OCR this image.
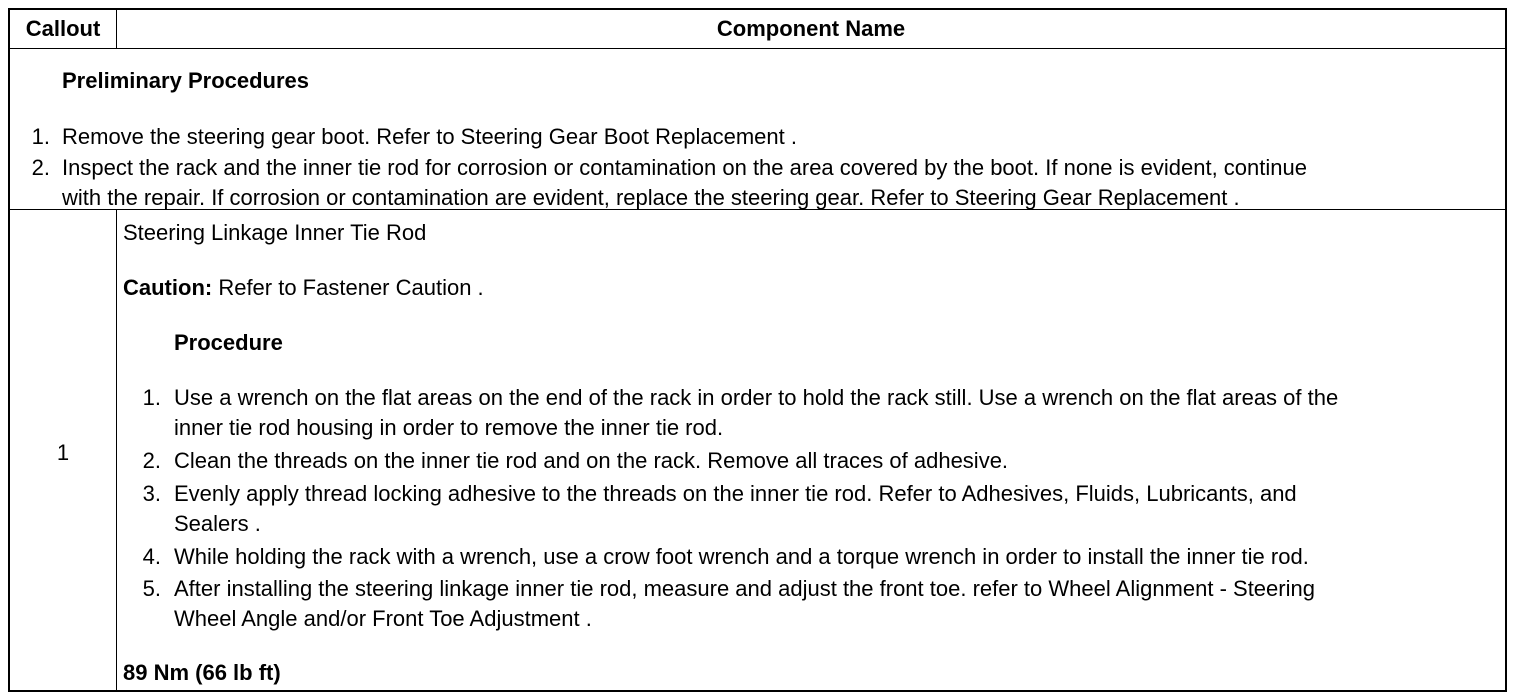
Callout	Component Name
Preliminary Procedures
1. Remove the steering gear boot. Refer to Steering Gear Boot Replacement .
2. Inspect the rack and the inner tie rod for corrosion or contamination on the area covered by the boot. If none is evident, continue
with the repair. If corrosion or contamination are evident, replace the steering gear. Refer to Steering Gear Replacement .
1
Steering Linkage Inner Tie Rod
Caution: Refer to Fastener Caution .
Procedure
1. Use a wrench on the flat areas on the end of the rack in order to hold the rack still. Use a wrench on the flat areas of the
inner tie rod housing in order to remove the inner tie rod.
2. Clean the threads on the inner tie rod and on the rack. Remove all traces of adhesive.
3. Evenly apply thread locking adhesive to the threads on the inner tie rod. Refer to Adhesives, Fluids, Lubricants, and
Sealers .
4. While holding the rack with a wrench, use a crow foot wrench and a torque wrench in order to install the inner tie rod.
5. After installing the steering linkage inner tie rod, measure and adjust the front toe. refer to Wheel Alignment - Steering
Wheel Angle and/or Front Toe Adjustment .
89 Nm (66 lb ft)
